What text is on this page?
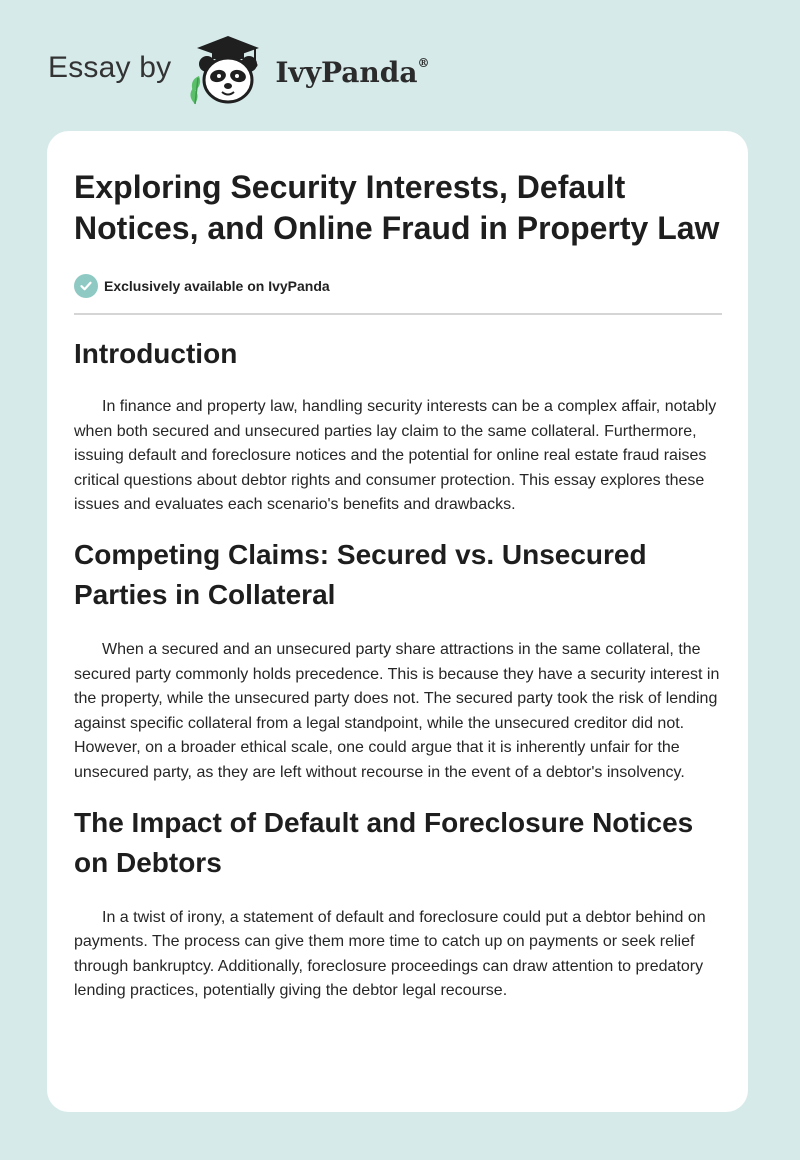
Essay by	IvyPanda®
Exploring Security Interests, Default Notices, and Online Fraud in Property Law
Exclusively available on IvyPanda
Introduction

In finance and property law, handling security interests can be a complex affair, notably when both secured and unsecured parties lay claim to the same collateral. Furthermore, issuing default and foreclosure notices and the potential for online real estate fraud raises critical questions about debtor rights and consumer protection. This essay explores these issues and evaluates each scenario's benefits and drawbacks.

Competing Claims: Secured vs. Unsecured Parties in Collateral

When a secured and an unsecured party share attractions in the same collateral, the secured party commonly holds precedence. This is because they have a security interest in the property, while the unsecured party does not. The secured party took the risk of lending against specific collateral from a legal standpoint, while the unsecured creditor did not. However, on a broader ethical scale, one could argue that it is inherently unfair for the unsecured party, as they are left without recourse in the event of a debtor's insolvency.

The Impact of Default and Foreclosure Notices on Debtors

In a twist of irony, a statement of default and foreclosure could put a debtor behind on payments. The process can give them more time to catch up on payments or seek relief through bankruptcy. Additionally, foreclosure proceedings can draw attention to predatory lending practices, potentially giving the debtor legal recourse.
